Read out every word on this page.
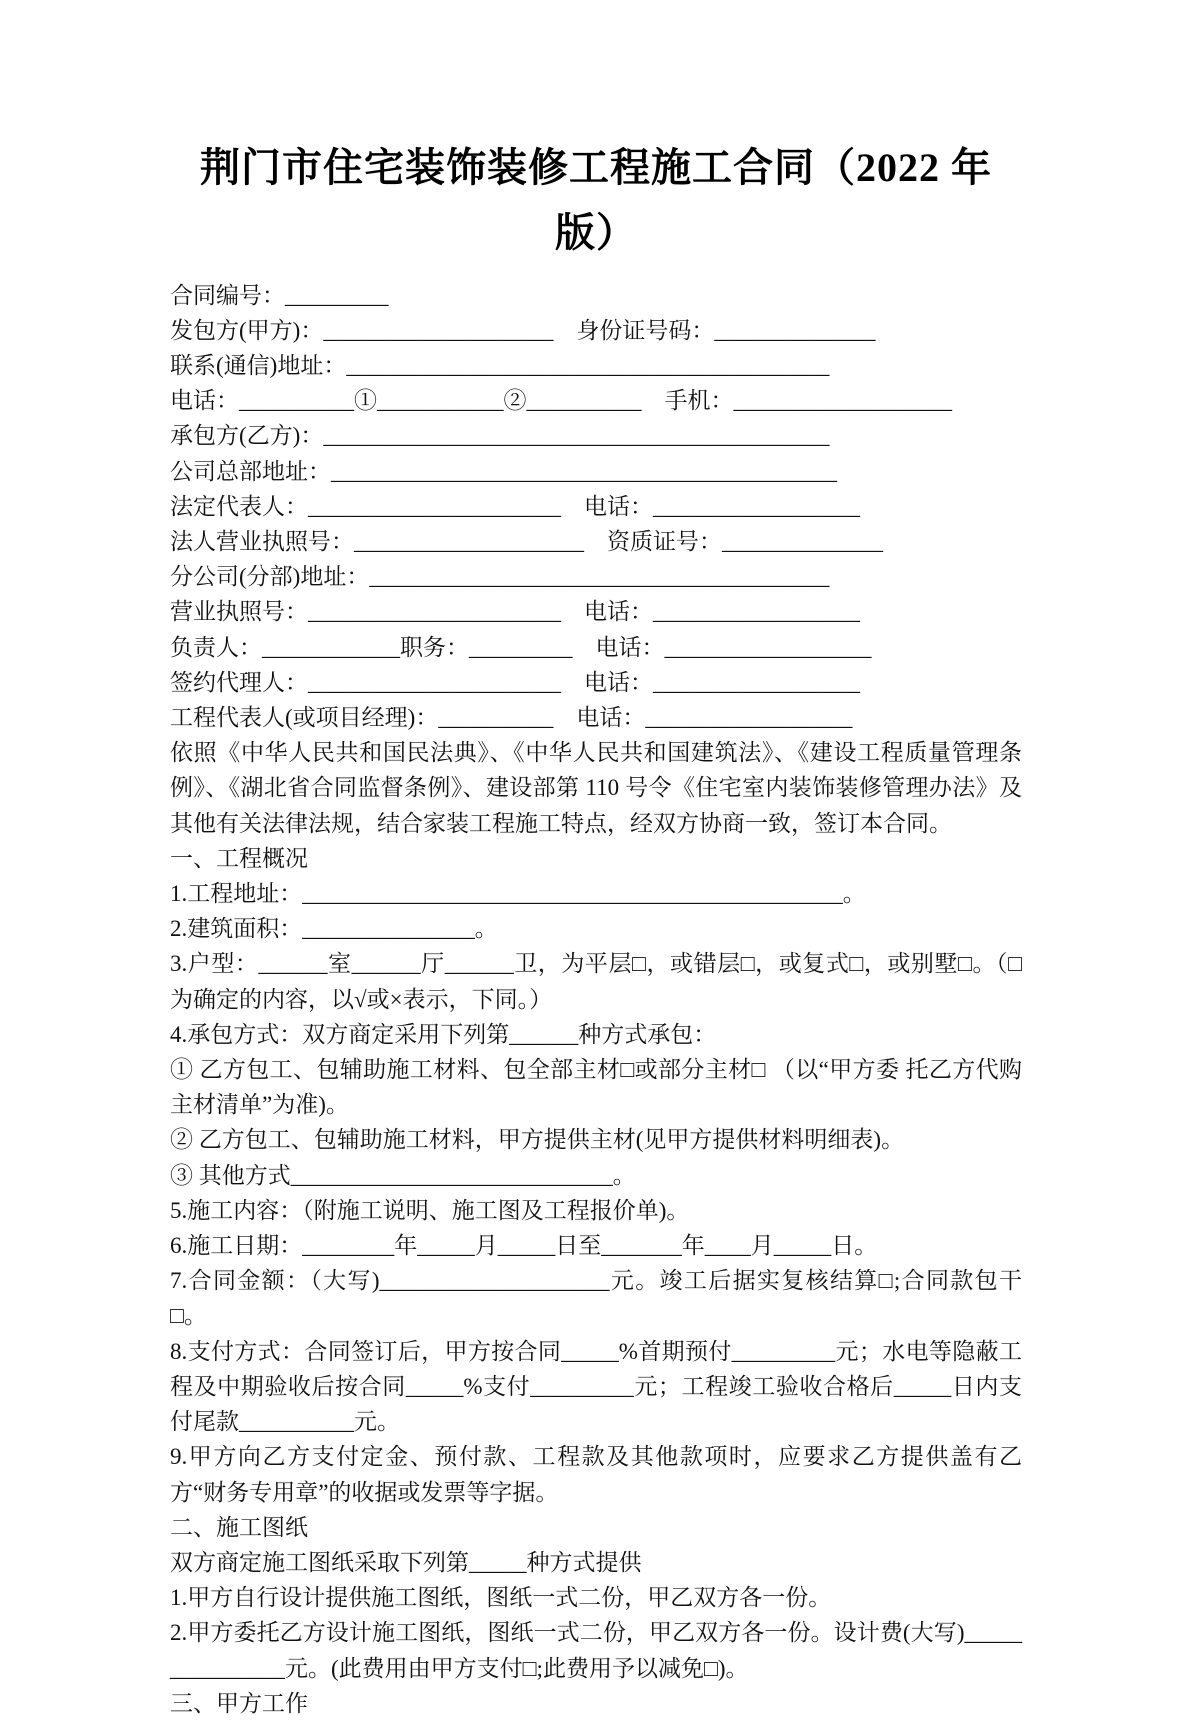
荆门市住宅装饰装修工程施工合同（2022 年版）

合同编号：_________

发包方(甲方)：____________________　身份证号码：______________

联系(通信)地址：__________________________________________

电话：__________①___________②__________　手机：___________________

承包方(乙方)：____________________________________________

公司总部地址：____________________________________________

法定代表人：______________________　电话：__________________

法人营业执照号：____________________　资质证号：______________

分公司(分部)地址：________________________________________

营业执照号：______________________　电话：__________________

负责人：____________职务：_________　电话：__________________

签约代理人：______________________　电话：__________________

工程代表人(或项目经理)：__________　电话：__________________

依照《中华人民共和国民法典》、《中华人民共和国建筑法》、《建设工程质量管理条例》、《湖北省合同监督条例》、建设部第 110 号令《住宅室内装饰装修管理办法》及其他有关法律法规，结合家装工程施工特点，经双方协商一致，签订本合同。

一、工程概况

1.工程地址：_______________________________________________。

2.建筑面积：_______________。

3.户型：______室______厅______卫，为平层□，或错层□，或复式□，或别墅□。（□为确定的内容，以√或×表示，下同。）

4.承包方式：双方商定采用下列第______种方式承包：

① 乙方包工、包辅助施工材料、包全部主材□或部分主材□ （以“甲方委 托乙方代购主材清单”为准)。

② 乙方包工、包辅助施工材料，甲方提供主材(见甲方提供材料明细表)。

③ 其他方式____________________________。

5.施工内容：（附施工说明、施工图及工程报价单)。

6.施工日期：________年_____月_____日至_______年____月_____日。

7.合同金额：（大写)____________________元。竣工后据实复核结算□;合同款包干□。

8.支付方式：合同签订后，甲方按合同_____%首期预付_________元；水电等隐蔽工程及中期验收后按合同_____%支付_________元；工程竣工验收合格后_____日内支付尾款__________元。

9.甲方向乙方支付定金、预付款、工程款及其他款项时，应要求乙方提供盖有乙方“财务专用章”的收据或发票等字据。

二、施工图纸

双方商定施工图纸采取下列第_____种方式提供

1.甲方自行设计提供施工图纸，图纸一式二份，甲乙双方各一份。

2.甲方委托乙方设计施工图纸，图纸一式二份，甲乙双方各一份。设计费(大写)_______________元。(此费用由甲方支付□;此费用予以减免□)。

三、甲方工作
